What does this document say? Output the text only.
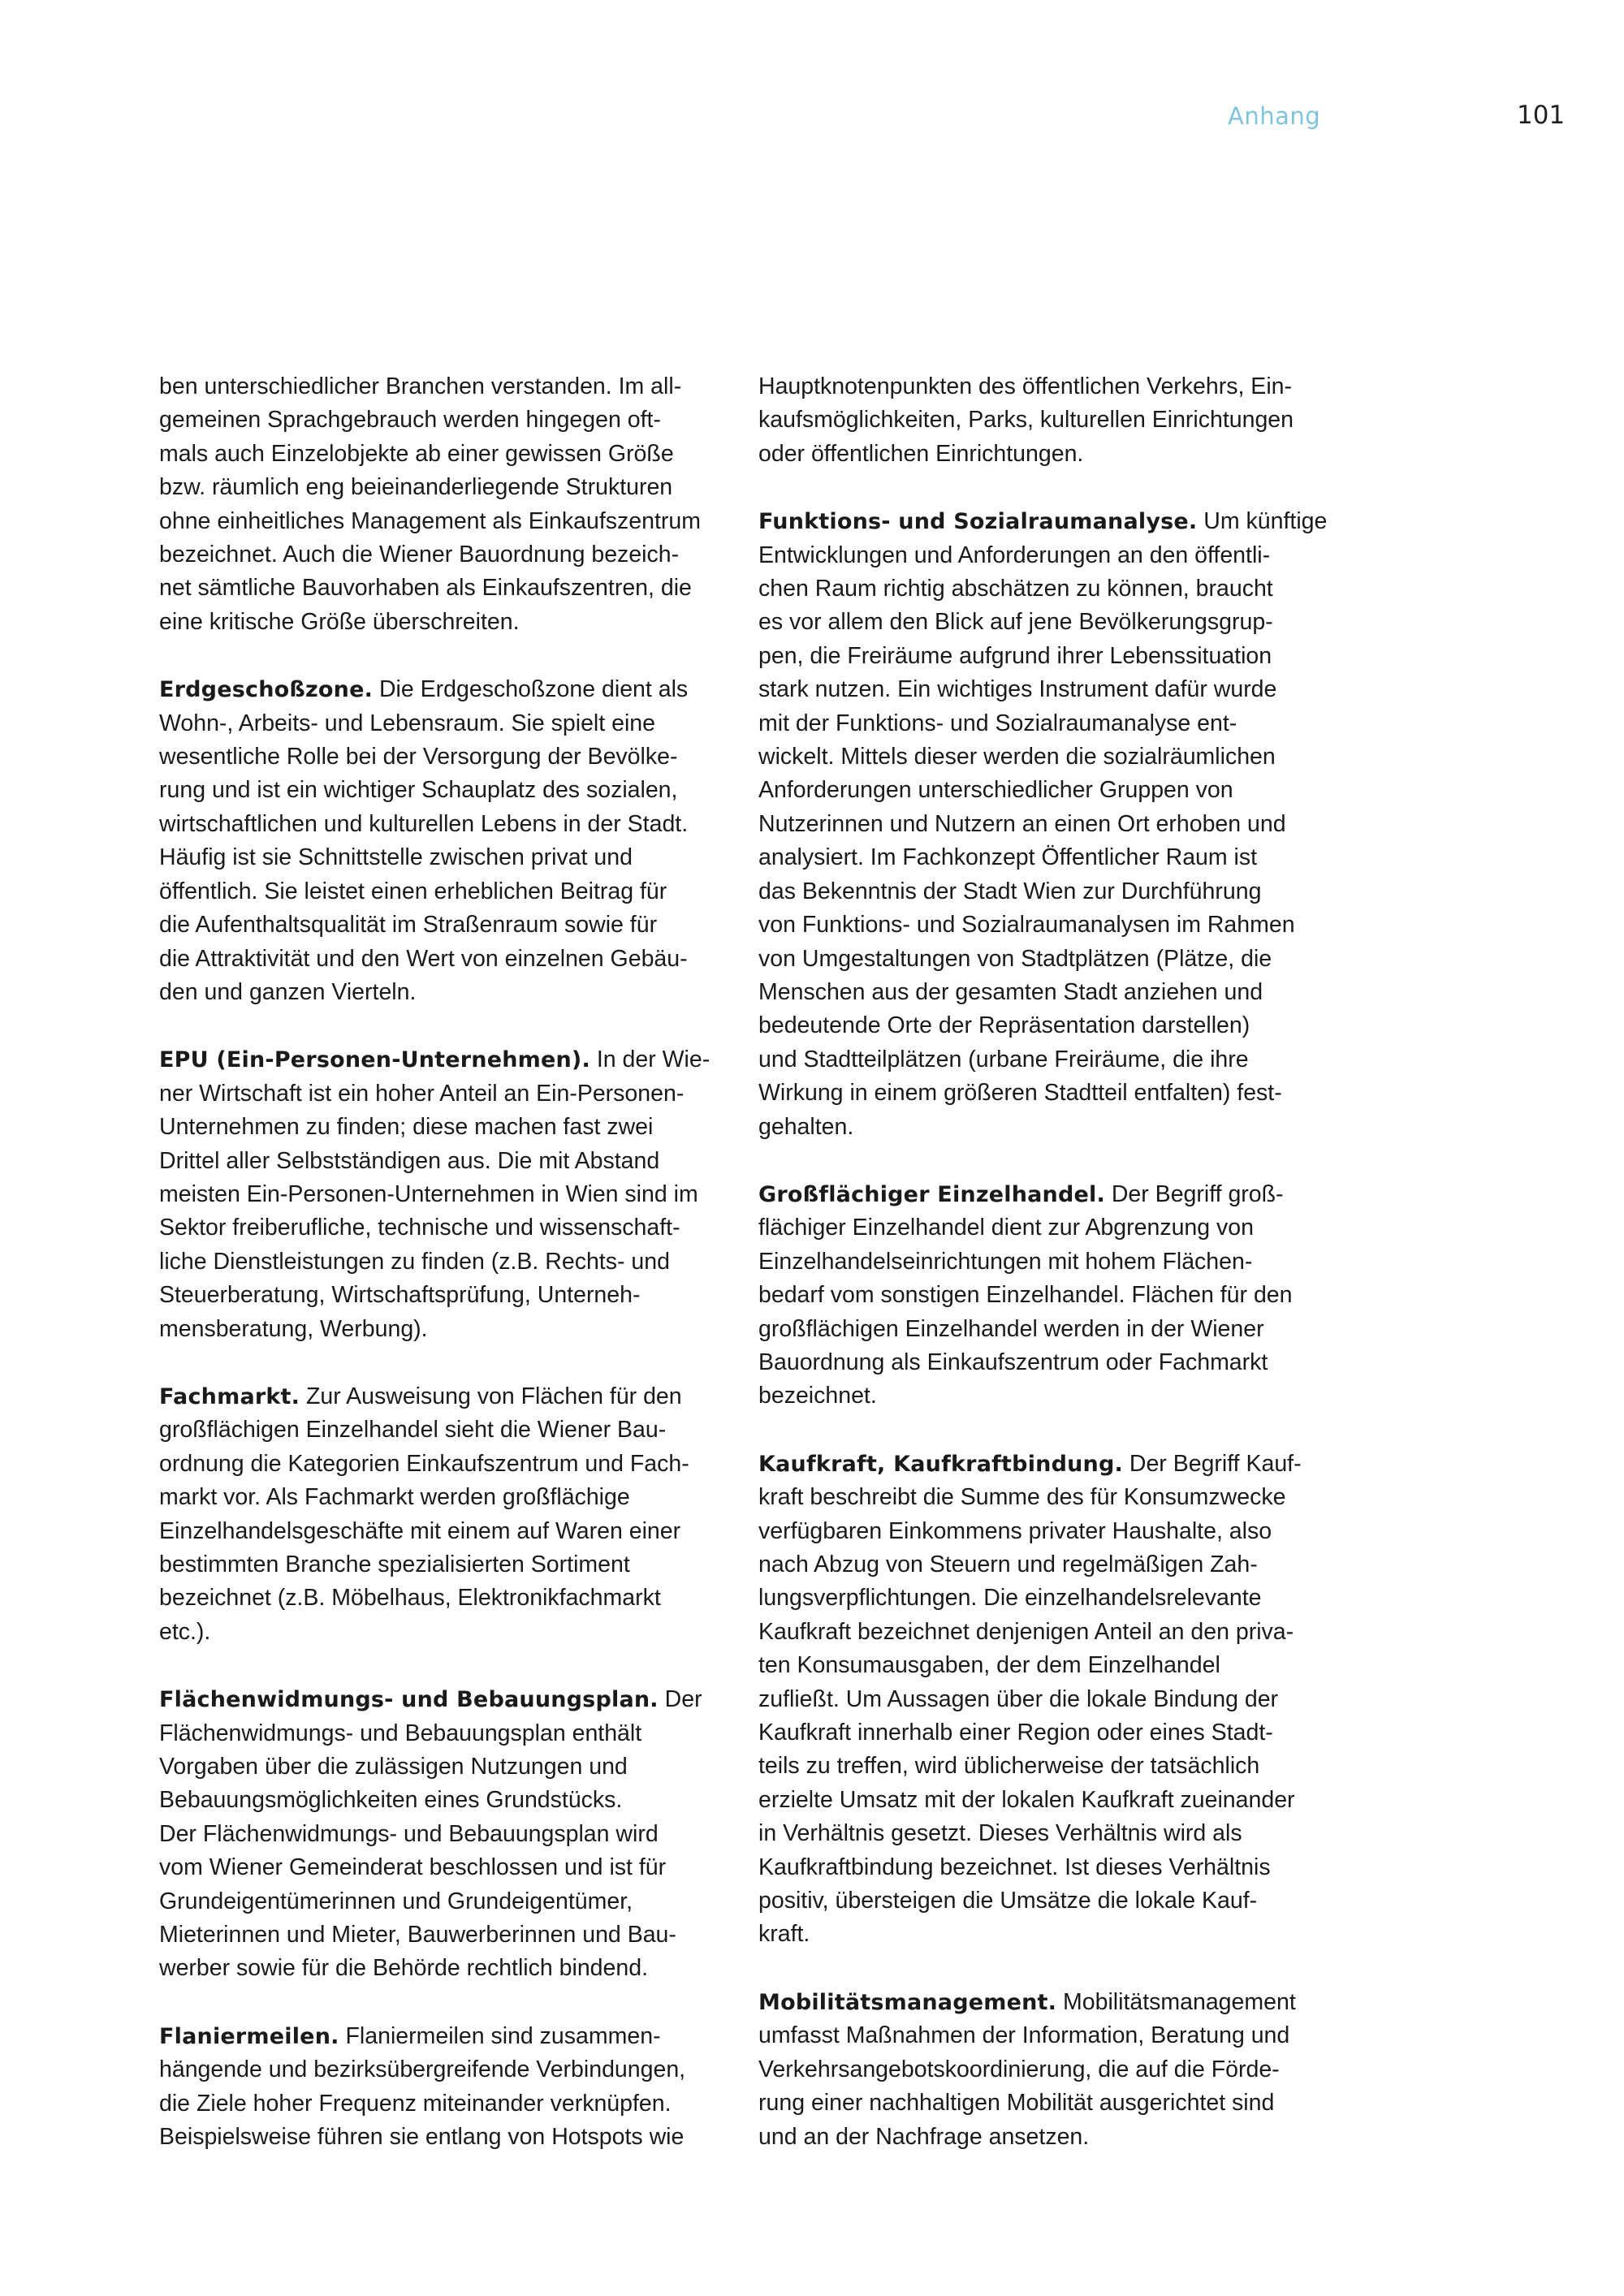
Anhang	101

ben unterschiedlicher Branchen verstanden. Im all-
gemeinen Sprachgebrauch werden hingegen oft-
mals auch Einzelobjekte ab einer gewissen Größe
bzw. räumlich eng beieinanderliegende Strukturen
ohne einheitliches Management als Einkaufszentrum
bezeichnet. Auch die Wiener Bauordnung bezeich-
net sämtliche Bauvorhaben als Einkaufszentren, die
eine kritische Größe überschreiten.

Erdgeschoßzone. Die Erdgeschoßzone dient als
Wohn-, Arbeits- und Lebensraum. Sie spielt eine
wesentliche Rolle bei der Versorgung der Bevölke-
rung und ist ein wichtiger Schauplatz des sozialen,
wirtschaftlichen und kulturellen Lebens in der Stadt.
Häufig ist sie Schnittstelle zwischen privat und
öffentlich. Sie leistet einen erheblichen Beitrag für
die Aufenthaltsqualität im Straßenraum sowie für
die Attraktivität und den Wert von einzelnen Gebäu-
den und ganzen Vierteln.

EPU (Ein-Personen-Unternehmen). In der Wie-
ner Wirtschaft ist ein hoher Anteil an Ein-Personen-
Unternehmen zu finden; diese machen fast zwei
Drittel aller Selbstständigen aus. Die mit Abstand
meisten Ein-Personen-Unternehmen in Wien sind im
Sektor freiberufliche, technische und wissenschaft-
liche Dienstleistungen zu finden (z.B. Rechts- und
Steuerberatung, Wirtschaftsprüfung, Unterneh-
mensberatung, Werbung).

Fachmarkt. Zur Ausweisung von Flächen für den
großflächigen Einzelhandel sieht die Wiener Bau-
ordnung die Kategorien Einkaufszentrum und Fach-
markt vor. Als Fachmarkt werden großflächige
Einzelhandelsgeschäfte mit einem auf Waren einer
bestimmten Branche spezialisierten Sortiment
bezeichnet (z.B. Möbelhaus, Elektronikfachmarkt
etc.).

Flächenwidmungs- und Bebauungsplan. Der
Flächenwidmungs- und Bebauungsplan enthält
Vorgaben über die zulässigen Nutzungen und
Bebauungsmöglichkeiten eines Grundstücks.
Der Flächenwidmungs- und Bebauungsplan wird
vom Wiener Gemeinderat beschlossen und ist für
Grundeigentümerinnen und Grundeigentümer,
Mieterinnen und Mieter, Bauwerberinnen und Bau-
werber sowie für die Behörde rechtlich bindend.

Flaniermeilen. Flaniermeilen sind zusammen-
hängende und bezirksübergreifende Verbindungen,
die Ziele hoher Frequenz miteinander verknüpfen.
Beispielsweise führen sie entlang von Hotspots wie

Hauptknotenpunkten des öffentlichen Verkehrs, Ein-
kaufsmöglichkeiten, Parks, kulturellen Einrichtungen
oder öffentlichen Einrichtungen.

Funktions- und Sozialraumanalyse. Um künftige
Entwicklungen und Anforderungen an den öffentli-
chen Raum richtig abschätzen zu können, braucht
es vor allem den Blick auf jene Bevölkerungsgrup-
pen, die Freiräume aufgrund ihrer Lebenssituation
stark nutzen. Ein wichtiges Instrument dafür wurde
mit der Funktions- und Sozialraumanalyse ent-
wickelt. Mittels dieser werden die sozialräumlichen
Anforderungen unterschiedlicher Gruppen von
Nutzerinnen und Nutzern an einen Ort erhoben und
analysiert. Im Fachkonzept Öffentlicher Raum ist
das Bekenntnis der Stadt Wien zur Durchführung
von Funktions- und Sozialraumanalysen im Rahmen
von Umgestaltungen von Stadtplätzen (Plätze, die
Menschen aus der gesamten Stadt anziehen und
bedeutende Orte der Repräsentation darstellen)
und Stadtteilplätzen (urbane Freiräume, die ihre
Wirkung in einem größeren Stadtteil entfalten) fest-
gehalten.

Großflächiger Einzelhandel. Der Begriff groß-
flächiger Einzelhandel dient zur Abgrenzung von
Einzelhandelseinrichtungen mit hohem Flächen-
bedarf vom sonstigen Einzelhandel. Flächen für den
großflächigen Einzelhandel werden in der Wiener
Bauordnung als Einkaufszentrum oder Fachmarkt
bezeichnet.

Kaufkraft, Kaufkraftbindung. Der Begriff Kauf-
kraft beschreibt die Summe des für Konsumzwecke
verfügbaren Einkommens privater Haushalte, also
nach Abzug von Steuern und regelmäßigen Zah-
lungsverpflichtungen. Die einzelhandelsrelevante
Kaufkraft bezeichnet denjenigen Anteil an den priva-
ten Konsumausgaben, der dem Einzelhandel
zufließt. Um Aussagen über die lokale Bindung der
Kaufkraft innerhalb einer Region oder eines Stadt-
teils zu treffen, wird üblicherweise der tatsächlich
erzielte Umsatz mit der lokalen Kaufkraft zueinander
in Verhältnis gesetzt. Dieses Verhältnis wird als
Kaufkraftbindung bezeichnet. Ist dieses Verhältnis
positiv, übersteigen die Umsätze die lokale Kauf-
kraft.

Mobilitätsmanagement. Mobilitätsmanagement
umfasst Maßnahmen der Information, Beratung und
Verkehrsangebotskoordinierung, die auf die Förde-
rung einer nachhaltigen Mobilität ausgerichtet sind
und an der Nachfrage ansetzen.
